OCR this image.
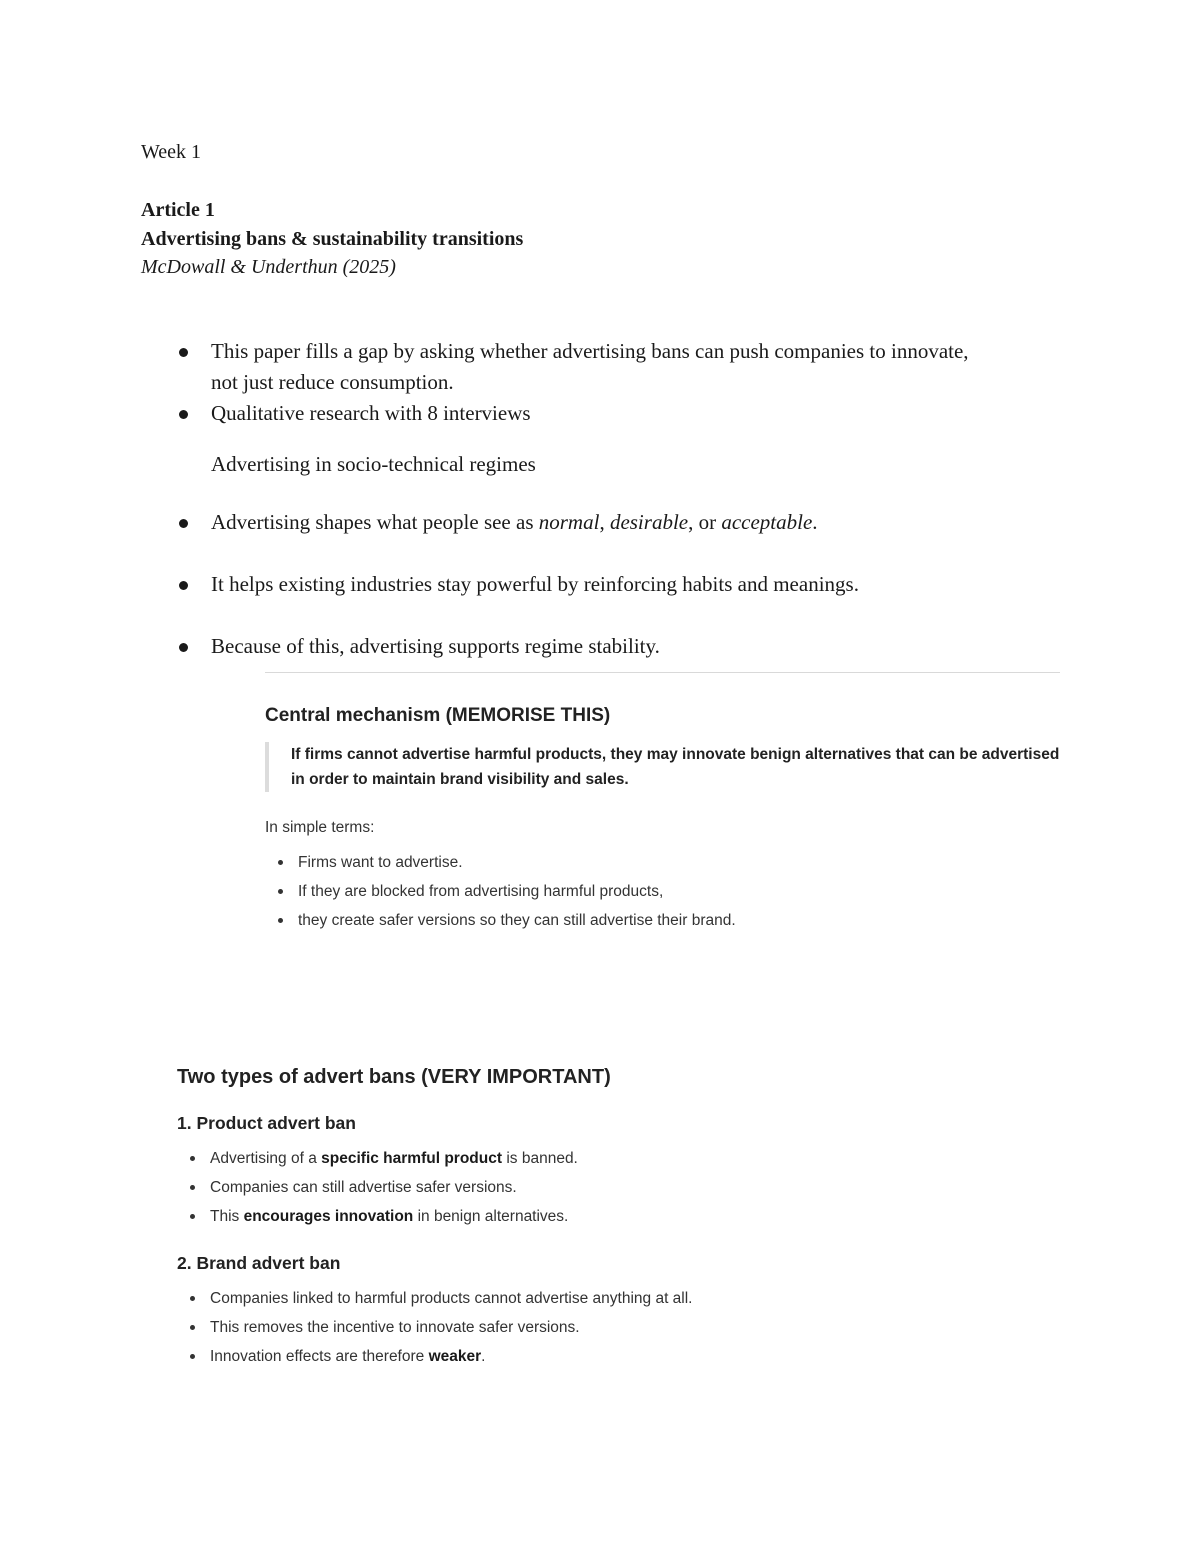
Week 1
Article 1
Advertising bans & sustainability transitions
McDowall & Underthun (2025)
This paper fills a gap by asking whether advertising bans can push companies to innovate, not just reduce consumption.
Qualitative research with 8 interviews
Advertising in socio-technical regimes
Advertising shapes what people see as normal, desirable, or acceptable.
It helps existing industries stay powerful by reinforcing habits and meanings.
Because of this, advertising supports regime stability.
Central mechanism (MEMORISE THIS)
If firms cannot advertise harmful products, they may innovate benign alternatives that can be advertised in order to maintain brand visibility and sales.
In simple terms:
Firms want to advertise.
If they are blocked from advertising harmful products,
they create safer versions so they can still advertise their brand.
Two types of advert bans (VERY IMPORTANT)
1. Product advert ban
Advertising of a specific harmful product is banned.
Companies can still advertise safer versions.
This encourages innovation in benign alternatives.
2. Brand advert ban
Companies linked to harmful products cannot advertise anything at all.
This removes the incentive to innovate safer versions.
Innovation effects are therefore weaker.
